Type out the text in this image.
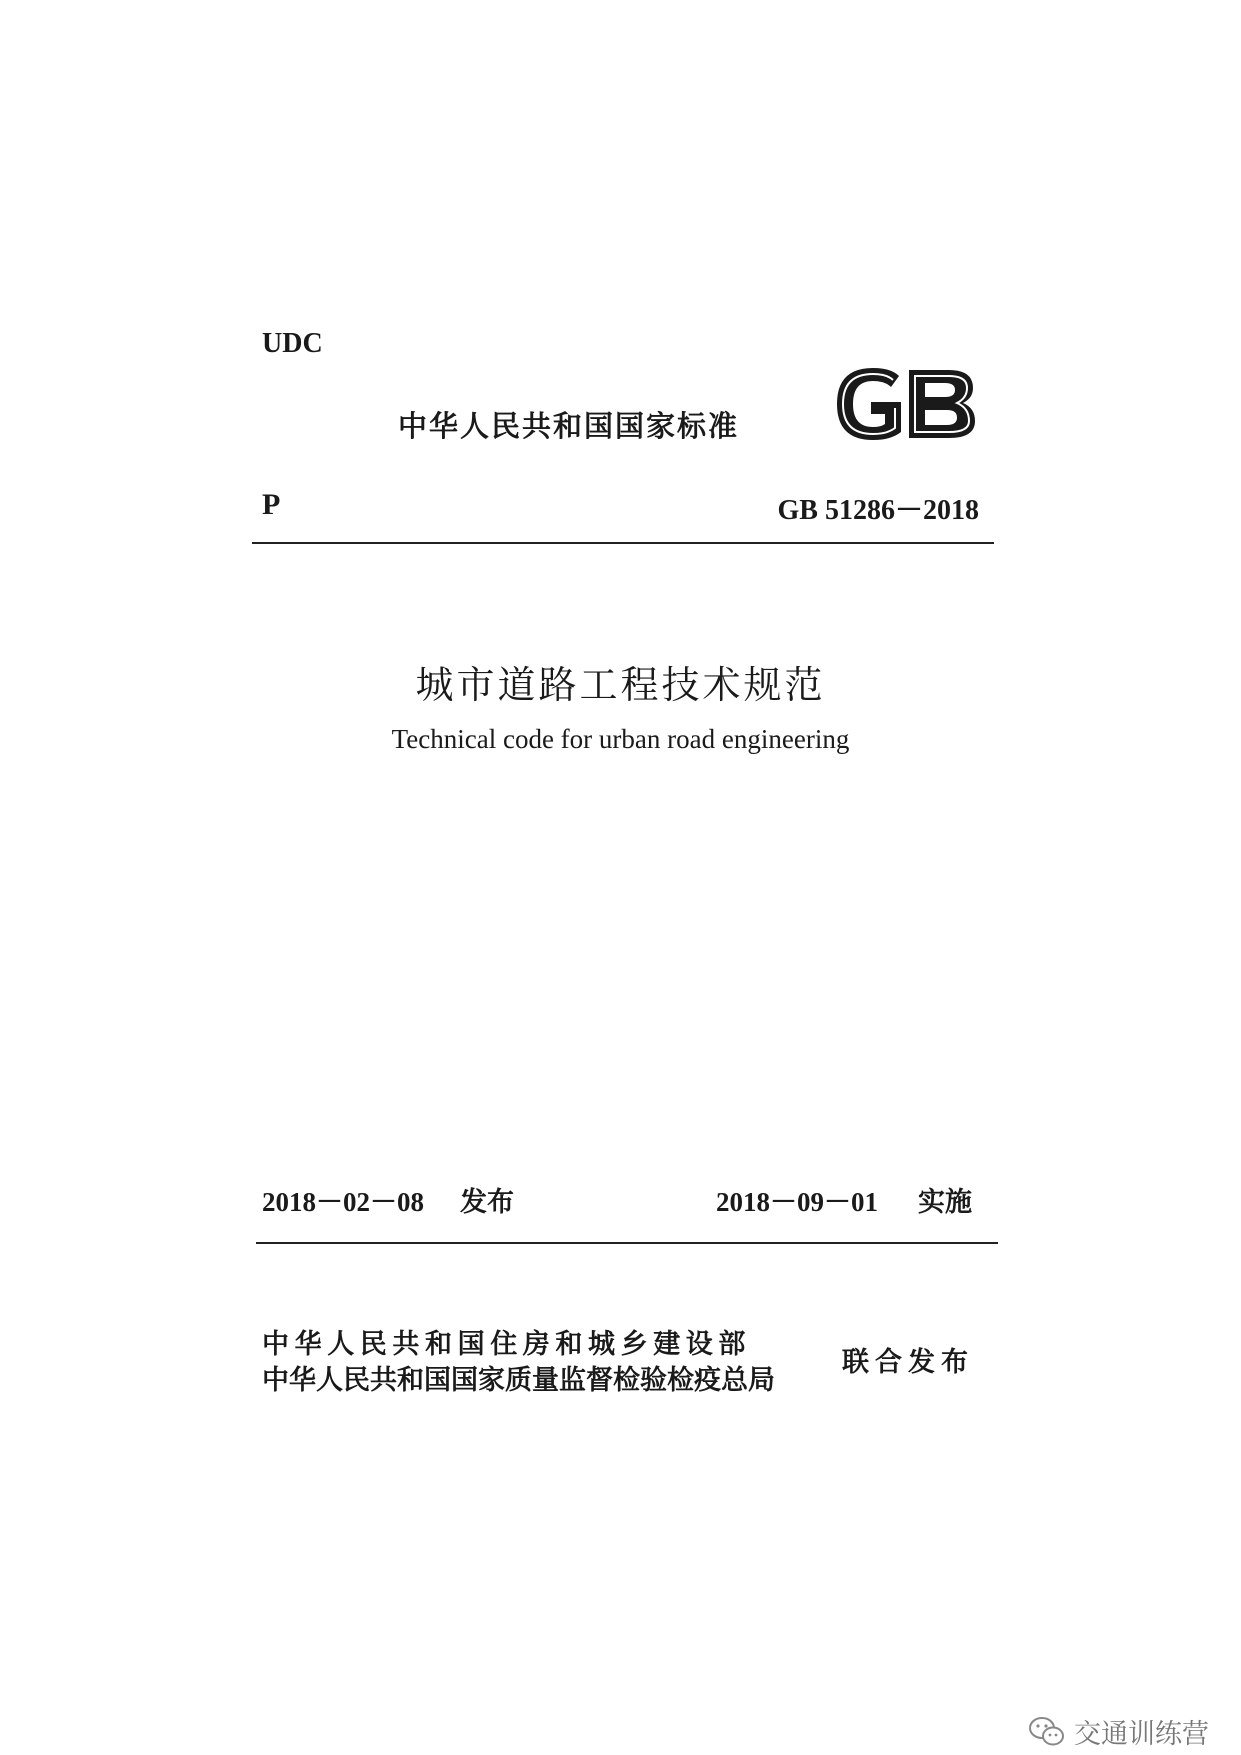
UDC
中华人民共和国国家标准
P	GB 51286－2018
城市道路工程技术规范
Technical code for urban road engineering
2018－02－08 发布	2018－09－01 实施
中华人民共和国住房和城乡建设部
中华人民共和国国家质量监督检验检疫总局
联合发布
交通训练营
